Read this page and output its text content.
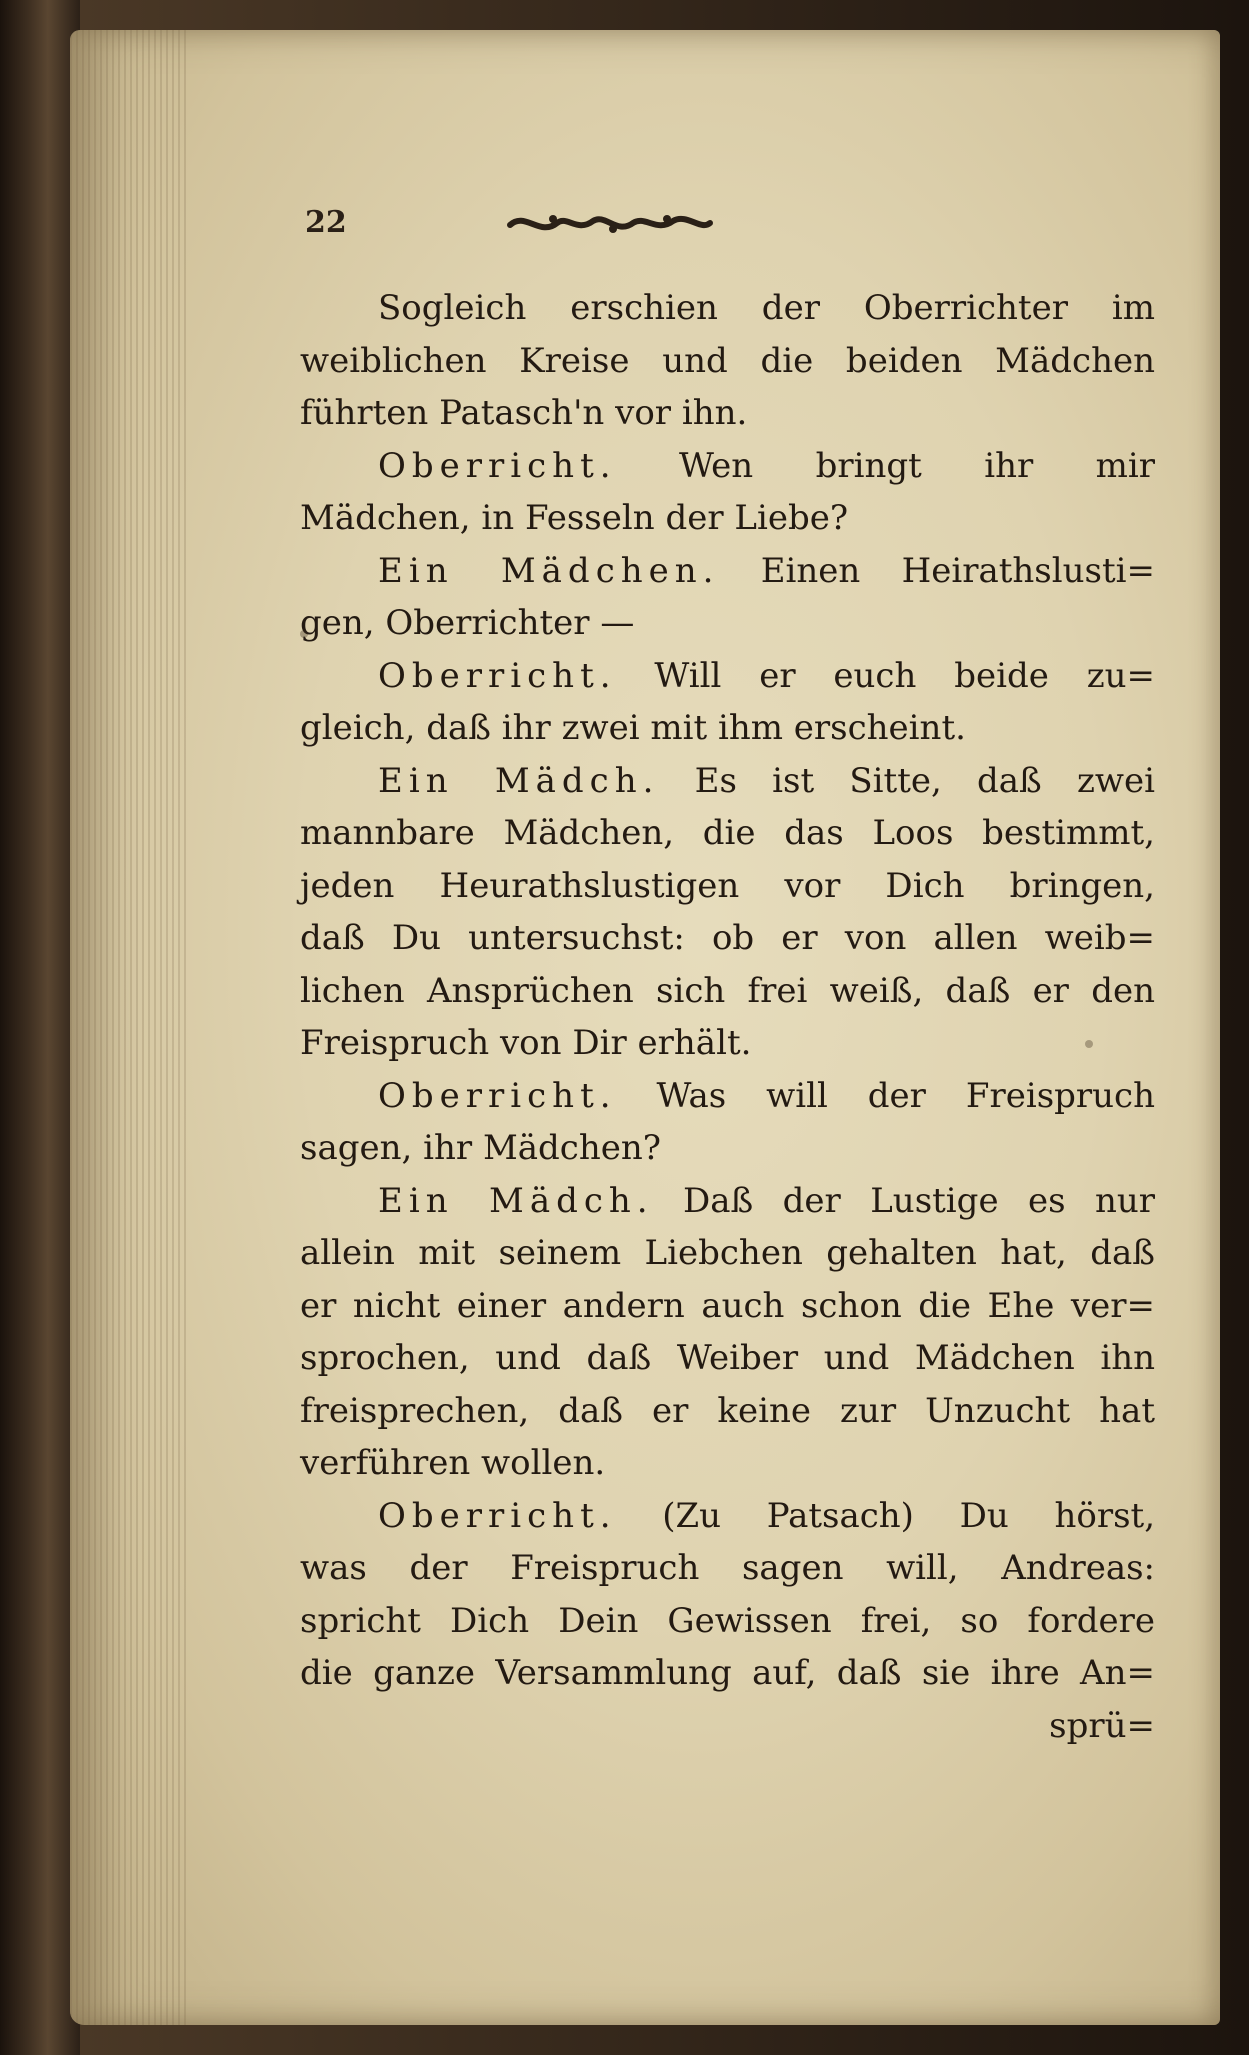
22
Sogleich erschien der Oberrichter im
weiblichen Kreise und die beiden Mädchen
führten Patasch'n vor ihn.
Oberricht. Wen bringt ihr mir
Mädchen, in Fesseln der Liebe?
Ein Mädchen. Einen Heirathslusti=
gen, Oberrichter —
Oberricht. Will er euch beide zu=
gleich, daß ihr zwei mit ihm erscheint.
Ein Mädch. Es ist Sitte, daß zwei
mannbare Mädchen, die das Loos bestimmt,
jeden Heurathslustigen vor Dich bringen,
daß Du untersuchst: ob er von allen weib=
lichen Ansprüchen sich frei weiß, daß er den
Freispruch von Dir erhält.
Oberricht. Was will der Freispruch
sagen, ihr Mädchen?
Ein Mädch. Daß der Lustige es nur
allein mit seinem Liebchen gehalten hat, daß
er nicht einer andern auch schon die Ehe ver=
sprochen, und daß Weiber und Mädchen ihn
freisprechen, daß er keine zur Unzucht hat
verführen wollen.
Oberricht. (Zu Patsach) Du hörst,
was der Freispruch sagen will, Andreas:
spricht Dich Dein Gewissen frei, so fordere
die ganze Versammlung auf, daß sie ihre An=
sprü=
